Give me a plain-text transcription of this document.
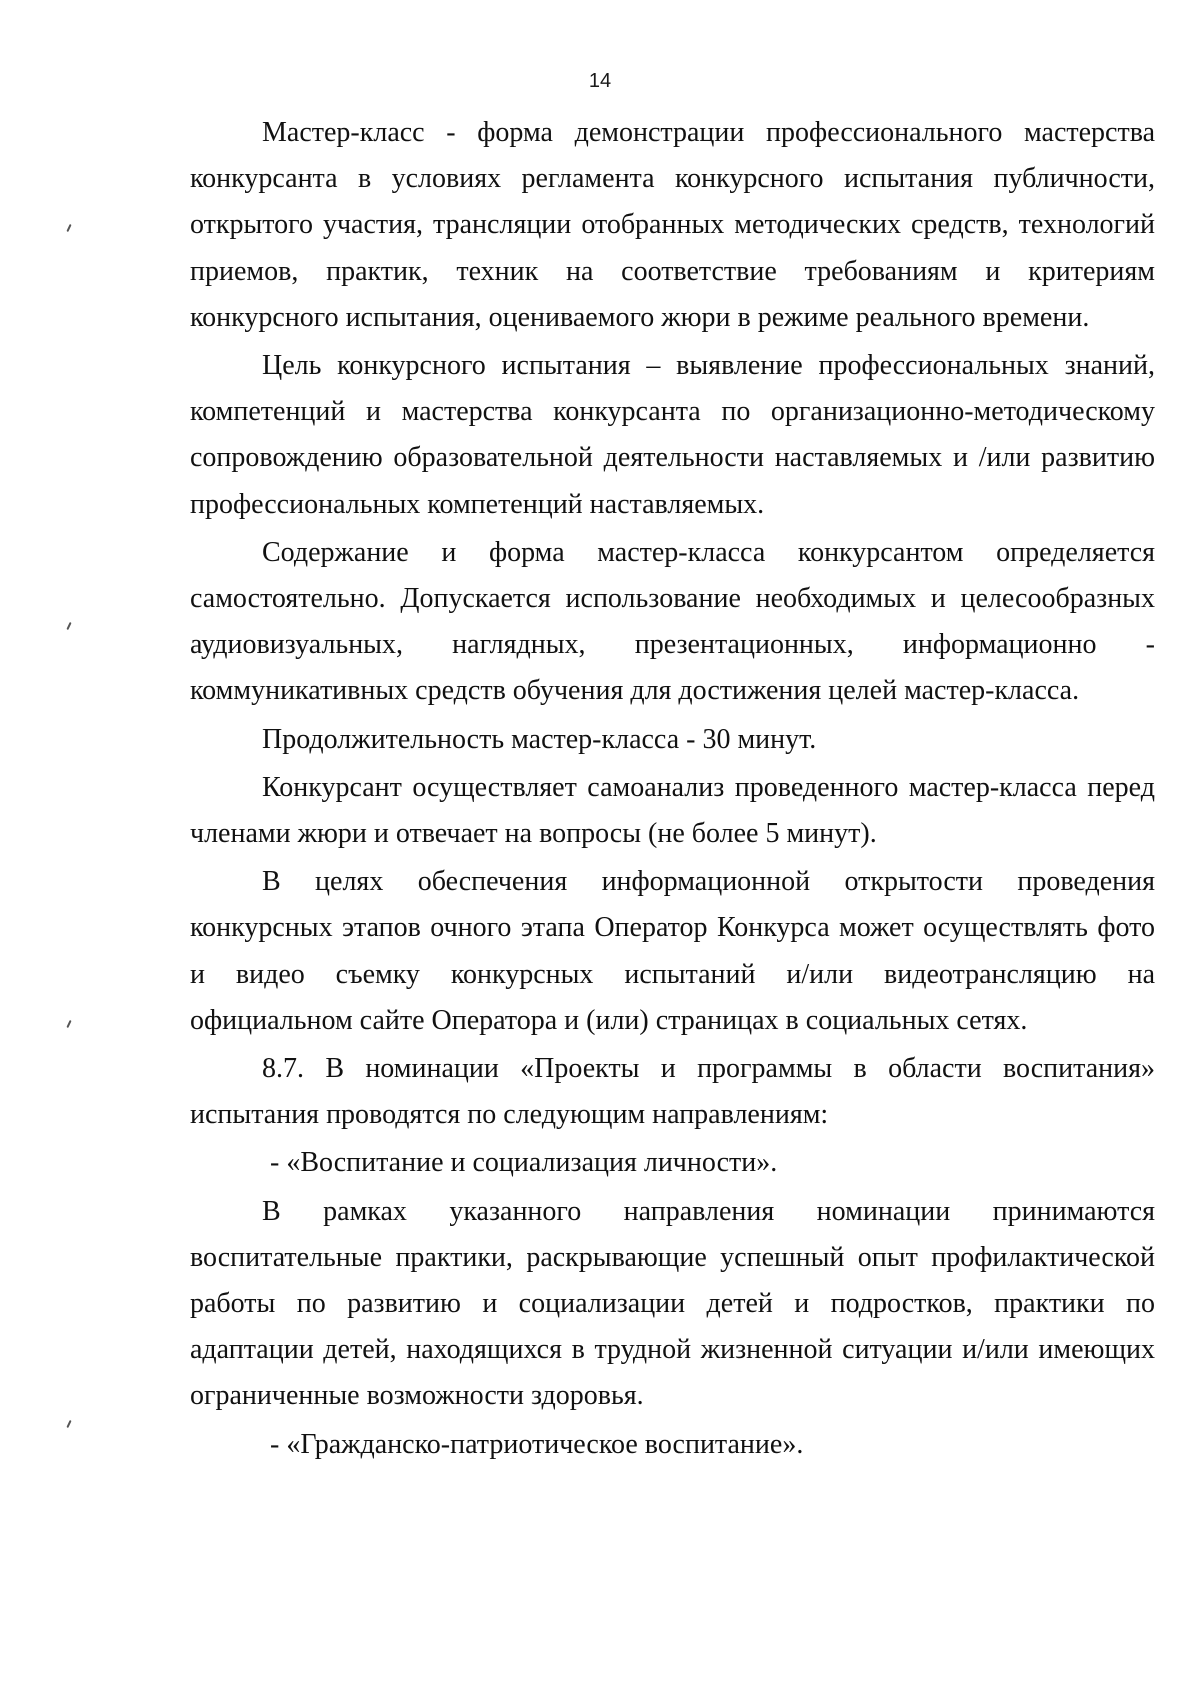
14

Мастер-класс - форма демонстрации профессионального мастерства конкурсанта в условиях регламента конкурсного испытания публичности, открытого участия, трансляции отобранных методических средств, технологий приемов, практик, техник на соответствие требованиям и критериям конкурсного испытания, оцениваемого жюри в режиме реального времени.

Цель конкурсного испытания – выявление профессиональных знаний, компетенций и мастерства конкурсанта по организационно-методическому сопровождению образовательной деятельности наставляемых и /или развитию профессиональных компетенций наставляемых.

Содержание и форма мастер-класса конкурсантом определяется самостоятельно. Допускается использование необходимых и целесообразных аудиовизуальных, наглядных, презентационных, информационно - коммуникативных средств обучения для достижения целей мастер-класса.

Продолжительность мастер-класса - 30 минут.

Конкурсант осуществляет самоанализ проведенного мастер-класса перед членами жюри и отвечает на вопросы (не более 5 минут).

В целях обеспечения информационной открытости проведения конкурсных этапов очного этапа Оператор Конкурса может осуществлять фото и видео съемку конкурсных испытаний и/или видеотрансляцию на официальном сайте Оператора и (или) страницах в социальных сетях.

8.7. В номинации «Проекты и программы в области воспитания» испытания проводятся по следующим направлениям:

- «Воспитание и социализация личности».

В рамках указанного направления номинации принимаются воспитательные практики, раскрывающие успешный опыт профилактической работы по развитию и социализации детей и подростков, практики по адаптации детей, находящихся в трудной жизненной ситуации и/или имеющих ограниченные возможности здоровья.

- «Гражданско-патриотическое воспитание».
